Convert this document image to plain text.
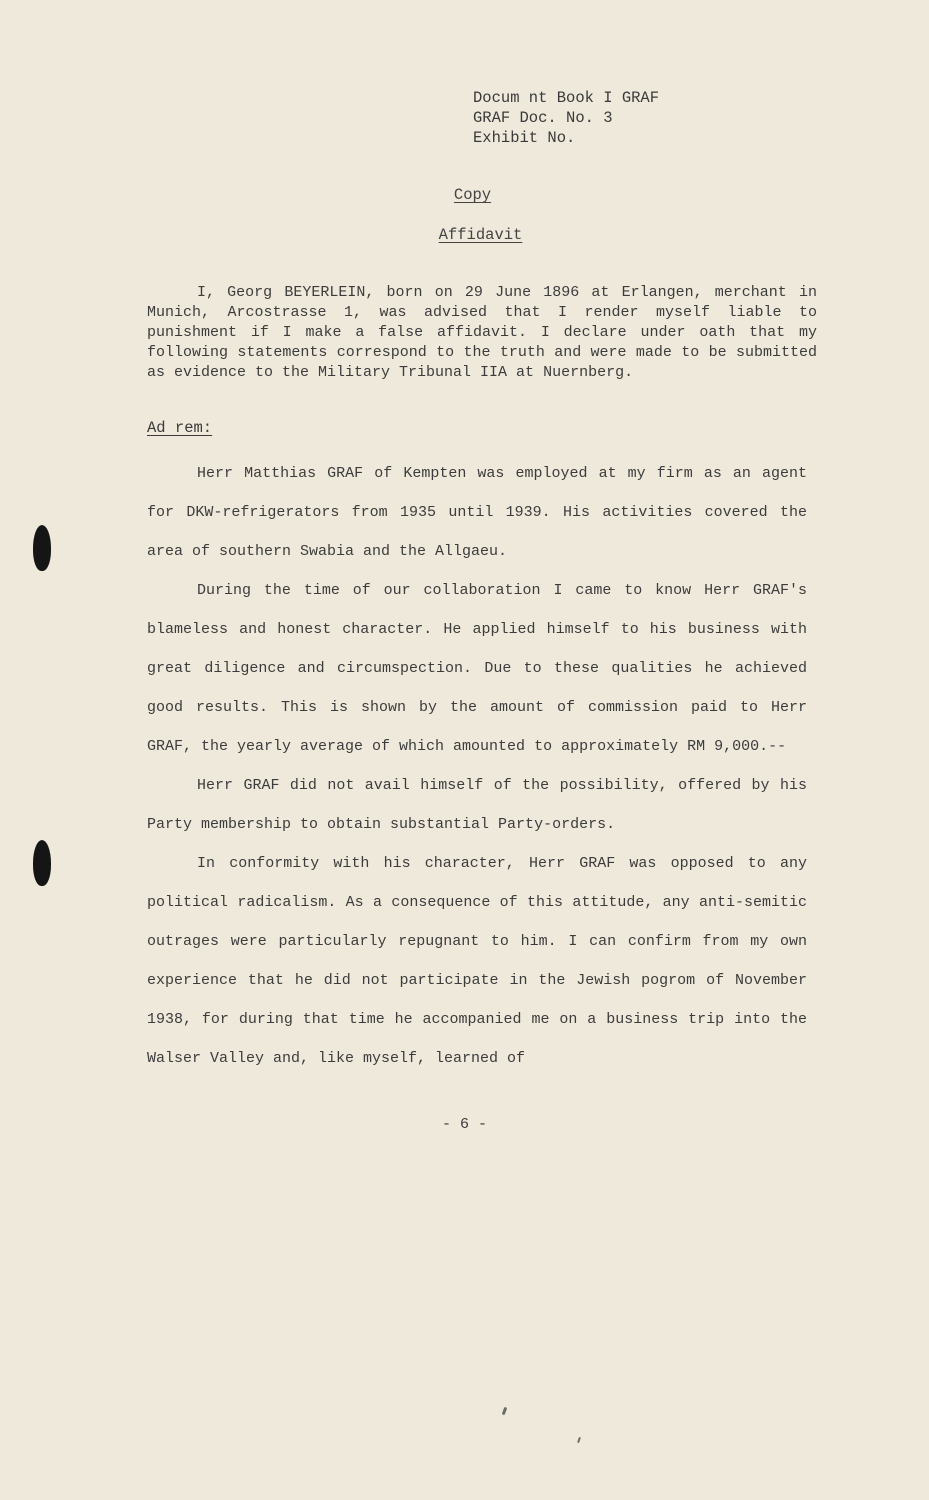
Docum nt Book I GRAF
GRAF Doc. No. 3
Exhibit No.
Copy
Affidavit
I, Georg BEYERLEIN, born on 29 June 1896 at Erlangen, merchant in Munich, Arcostrasse 1, was advised that I render myself liable to punishment if I make a false affidavit. I declare under oath that my following statements correspond to the truth and were made to be submitted as evidence to the Military Tribunal IIA at Nuernberg.
Ad rem:

Herr Matthias GRAF of Kempten was employed at my firm as an agent for DKW-refrigerators from 1935 until 1939. His activities covered the area of southern Swabia and the Allgaeu.

During the time of our collaboration I came to know Herr GRAF's blameless and honest character. He applied himself to his business with great diligence and circumspection. Due to these qualities he achieved good results. This is shown by the amount of commission paid to Herr GRAF, the yearly average of which amounted to approximately RM 9,000.--

Herr GRAF did not avail himself of the possibility, offered by his Party membership to obtain substantial Party-orders.

In conformity with his character, Herr GRAF was opposed to any political radicalism. As a consequence of this attitude, any anti-semitic outrages were particularly repugnant to him. I can confirm from my own experience that he did not participate in the Jewish pogrom of November 1938, for during that time he accompanied me on a business trip into the Walser Valley and, like myself, learned of

- 6 -
